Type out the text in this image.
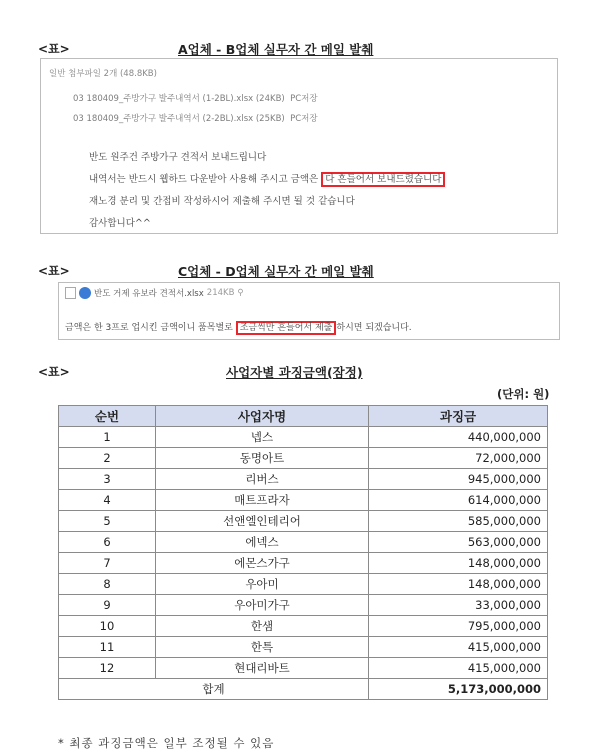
<표>	A업체 - B업체 실무자 간 메일 발췌
일반 첨부파일 2개 (48.8KB)
03 180409_주방가구 발주내역서 (1-2BL).xlsx (24KB) PC저장
03 180409_주방가구 발주내역서 (2-2BL).xlsx (25KB) PC저장
반도 원주건 주방가구 견적서 보내드립니다
내역서는 반드시 웹하드 다운받아 사용해 주시고 금액은 다 흔들어서 보내드렸습니다
재노경 분리 및 간접비 작성하시어 제출해 주시면 될 것 같습니다
감사합니다^^
<표>	C업체 - D업체 실무자 간 메일 발췌
반도 거제 유보라 견적서.xlsx 214KB ⚲
금액은 한 3프로 업시킨 금액이니 품목별로 조금씩만 흔들어서 제출 하시면 되겠습니다.
<표>	사업자별 과징금액(잠정)
(단위: 원)
순번	사업자명	과징금
1	넵스	440,000,000
2	동명아트	72,000,000
3	리버스	945,000,000
4	매트프라자	614,000,000
5	선앤엘인테리어	585,000,000
6	에넥스	563,000,000
7	에몬스가구	148,000,000
8	우아미	148,000,000
9	우아미가구	33,000,000
10	한샘	795,000,000
11	한특	415,000,000
12	현대리바트	415,000,000
합계		5,173,000,000
* 최종 과징금액은 일부 조정될 수 있음
